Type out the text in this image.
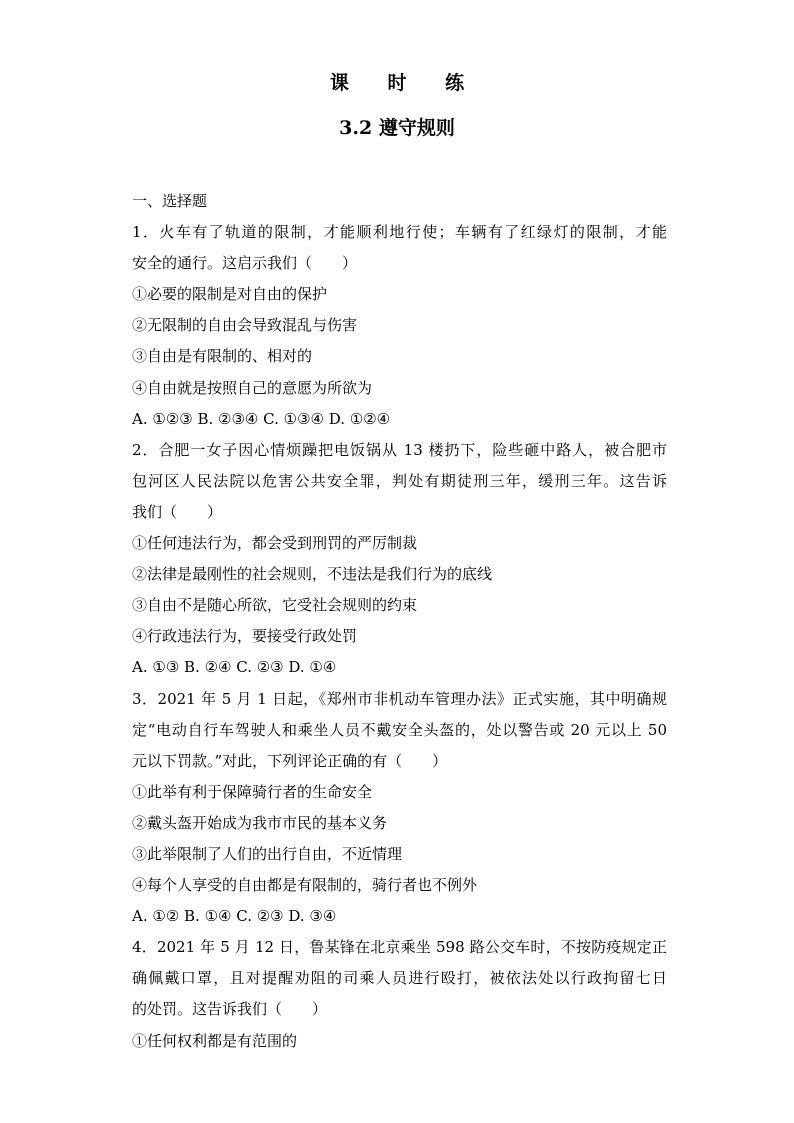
课 时 练
3.2 遵守规则
一、选择题
1．火车有了轨道的限制，才能顺利地行使；车辆有了红绿灯的限制，才能
安全的通行。这启示我们（　　）
①必要的限制是对自由的保护
②无限制的自由会导致混乱与伤害
③自由是有限制的、相对的
④自由就是按照自己的意愿为所欲为
A. ①②③ B. ②③④ C. ①③④ D. ①②④
2．合肥一女子因心情烦躁把电饭锅从 13 楼扔下，险些砸中路人，被合肥市
包河区人民法院以危害公共安全罪，判处有期徒刑三年，缓刑三年。这告诉
我们（　　）
①任何违法行为，都会受到刑罚的严厉制裁
②法律是最刚性的社会规则，不违法是我们行为的底线
③自由不是随心所欲，它受社会规则的约束
④行政违法行为，要接受行政处罚
A. ①③ B. ②④ C. ②③ D. ①④
3．2021 年 5 月 1 日起，《郑州市非机动车管理办法》正式实施，其中明确规
定“电动自行车驾驶人和乘坐人员不戴安全头盔的，处以警告或 20 元以上 50
元以下罚款。”对此，下列评论正确的有（　　）
①此举有利于保障骑行者的生命安全
②戴头盔开始成为我市市民的基本义务
③此举限制了人们的出行自由，不近情理
④每个人享受的自由都是有限制的，骑行者也不例外
A. ①② B. ①④ C. ②③ D. ③④
4．2021 年 5 月 12 日，鲁某锋在北京乘坐 598 路公交车时，不按防疫规定正
确佩戴口罩，且对提醒劝阻的司乘人员进行殴打，被依法处以行政拘留七日
的处罚。这告诉我们（　　）
①任何权利都是有范围的
